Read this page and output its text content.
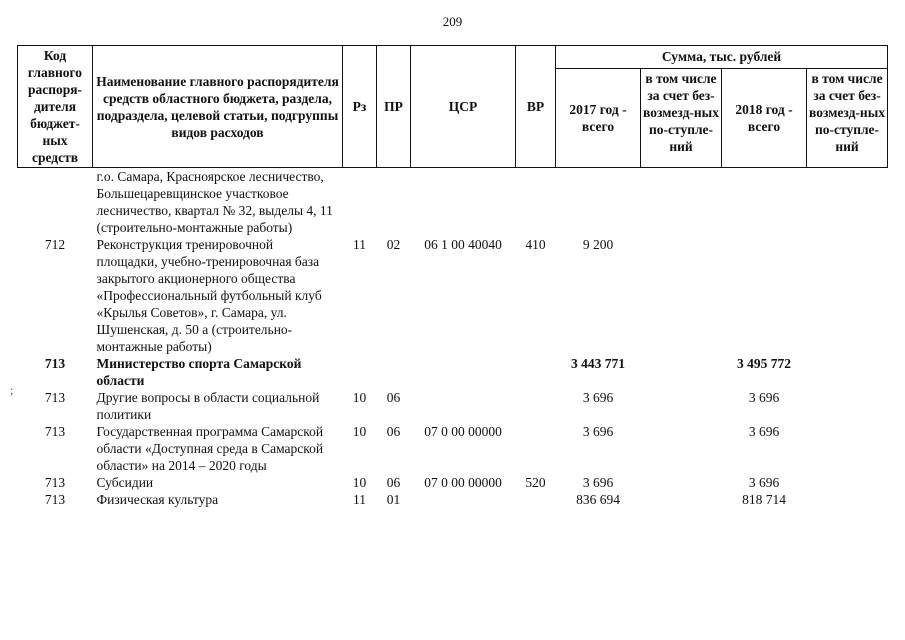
209
;
Код главного распоря-дителя бюджет-ных средств	Наименование главного распорядителя средств областного бюджета, раздела, подраздела, целевой статьи, подгруппы видов расходов	Рз	ПР	ЦСР	ВР	Сумма, тыс. рублей			
						2017 год - всего	в том числе за счет без-возмезд-ных по-ступле-ний	2018 год - всего	в том числе за счет без-возмезд-ных по-ступле-ний
	г.о. Самара, Красноярское лесничество, Большецаревщинское участковое лесничество, квартал № 32, выделы 4, 11 (строительно-монтажные работы)								
712	Реконструкция тренировочной площадки, учебно-тренировочная база закрытого акционерного общества «Профессиональный футбольный клуб «Крылья Советов», г. Самара, ул. Шушенская, д. 50 а (строительно-монтажные работы)	11	02	06 1 00 40040	410	9 200			
713	Министерство спорта Самарской области					3 443 771		3 495 772	
713	Другие вопросы в области социальной политики	10	06			3 696		3 696	
713	Государственная программа Самарской области «Доступная среда в Самарской области» на 2014 – 2020 годы	10	06	07 0 00 00000		3 696		3 696	
713	Субсидии	10	06	07 0 00 00000	520	3 696		3 696	
713	Физическая культура	11	01			836 694		818 714	
